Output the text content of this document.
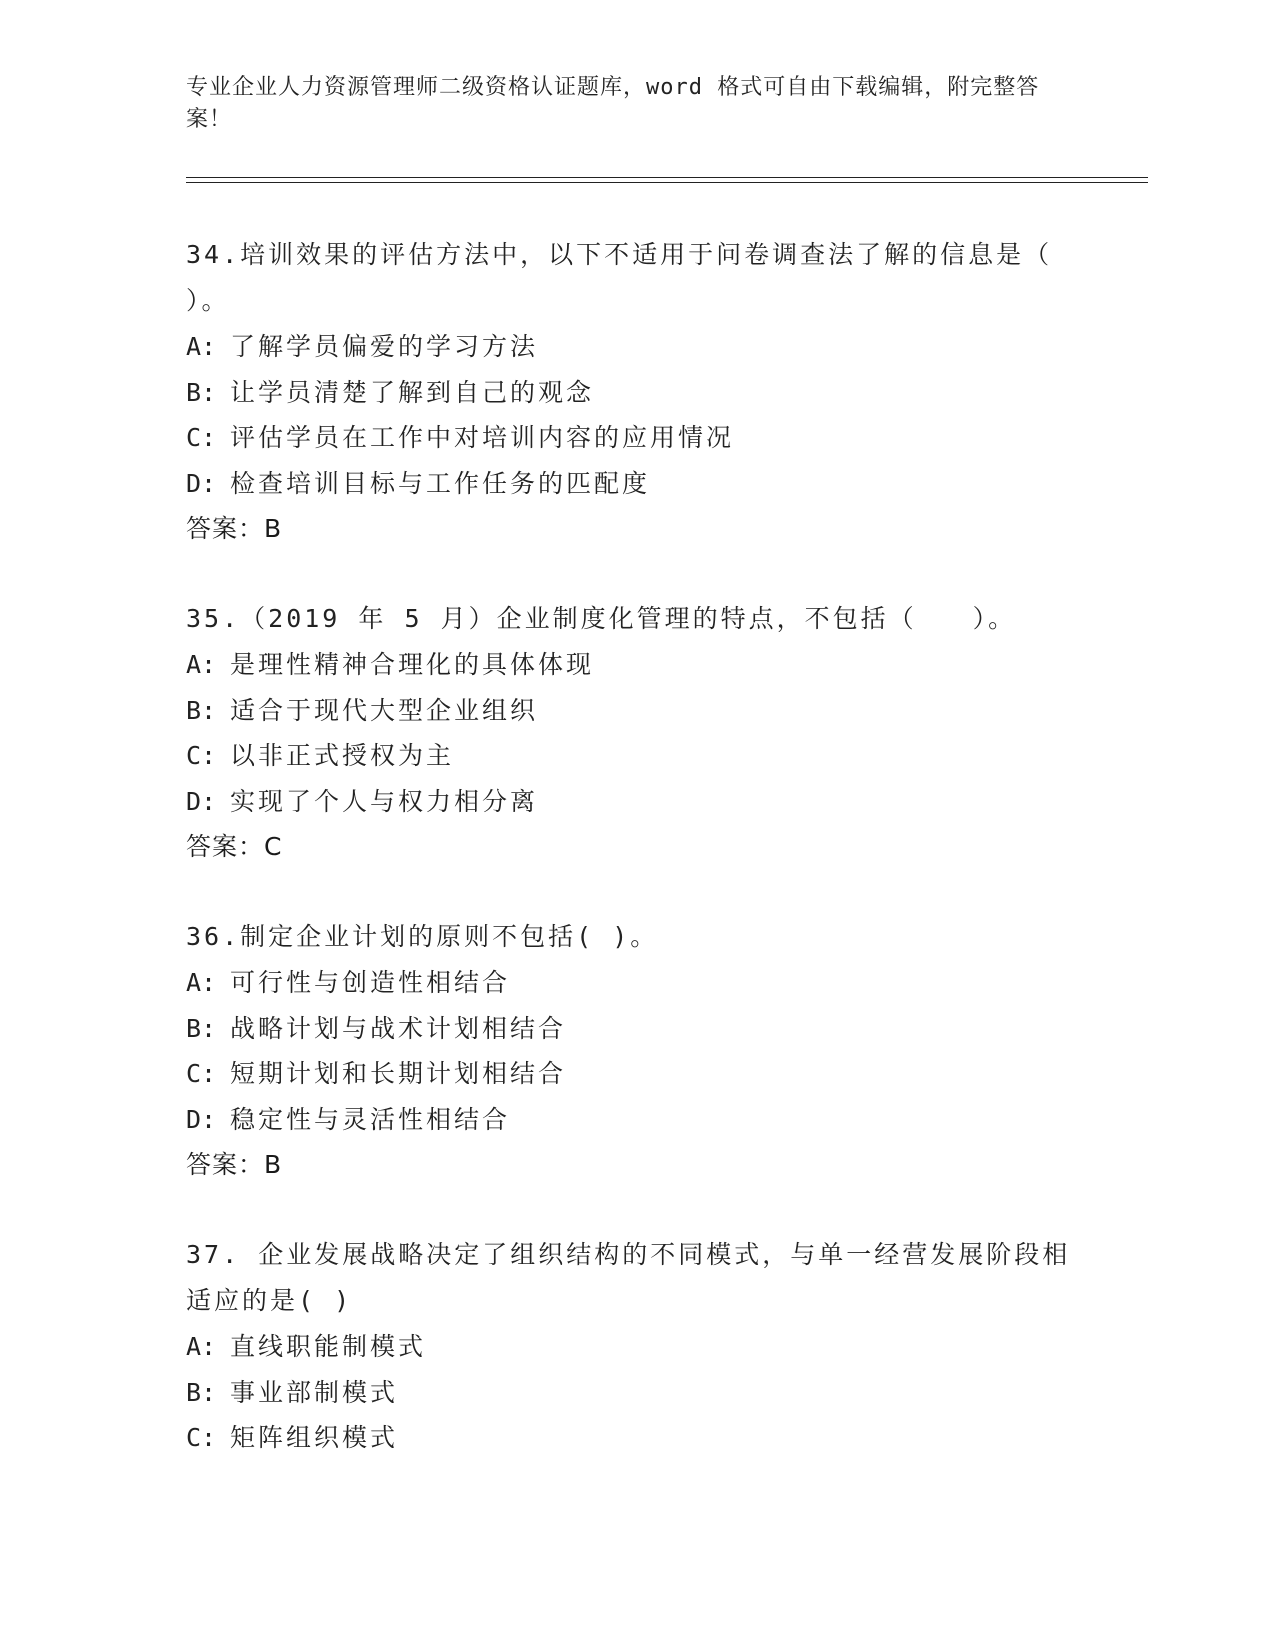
专业企业人力资源管理师二级资格认证题库，word 格式可自由下载编辑，附完整答案！

34.培训效果的评估方法中，以下不适用于问卷调查法了解的信息是（ ）。

A: 了解学员偏爱的学习方法

B: 让学员清楚了解到自己的观念

C: 评估学员在工作中对培训内容的应用情况

D: 检查培训目标与工作任务的匹配度

答案：B

35.（2019 年 5 月）企业制度化管理的特点，不包括（　　）。

A: 是理性精神合理化的具体体现

B: 适合于现代大型企业组织

C: 以非正式授权为主

D: 实现了个人与权力相分离

答案：C

36.制定企业计划的原则不包括( )。

A: 可行性与创造性相结合

B: 战略计划与战术计划相结合

C: 短期计划和长期计划相结合

D: 稳定性与灵活性相结合

答案：B

37. 企业发展战略决定了组织结构的不同模式，与单一经营发展阶段相适应的是( )

A: 直线职能制模式

B: 事业部制模式

C: 矩阵组织模式
